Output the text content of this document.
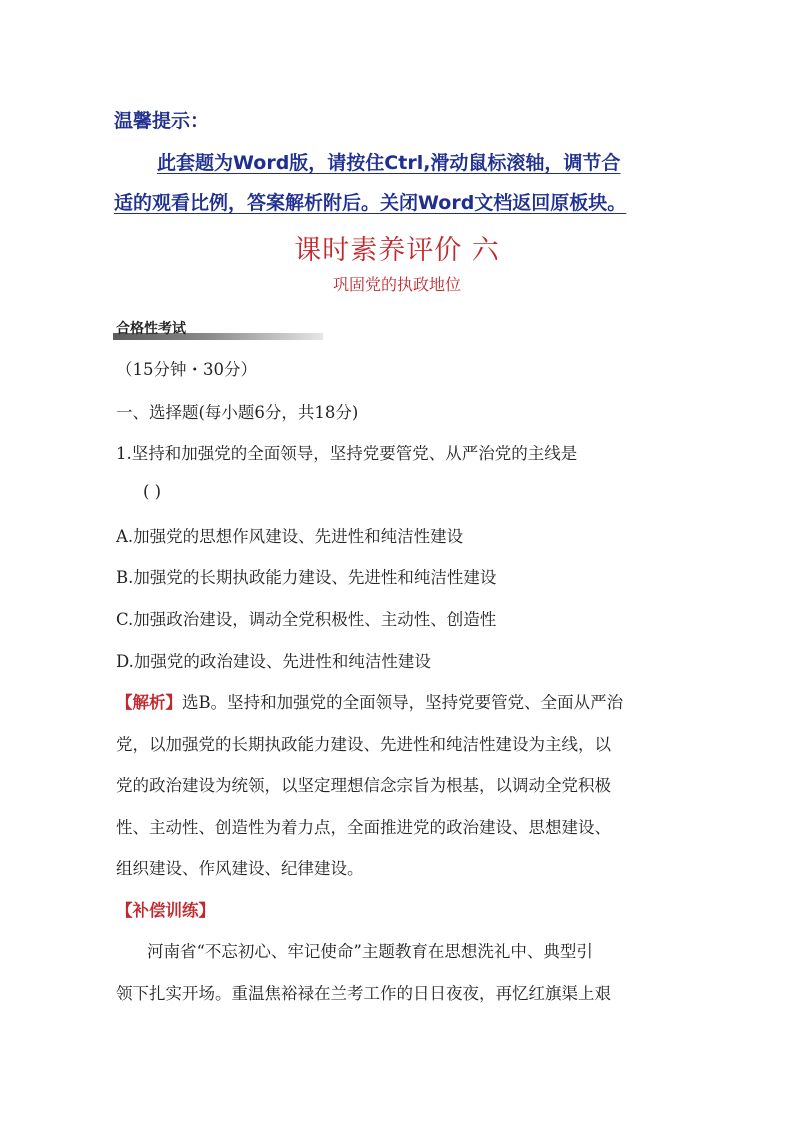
温馨提示：
此套题为Word版，请按住Ctrl,滑动鼠标滚轴，调节合
适的观看比例，答案解析附后。关闭Word文档返回原板块。
课时素养评价 六
巩固党的执政地位
合格性考试
（15分钟・30分）
一、选择题(每小题6分，共18分)
1.坚持和加强党的全面领导，坚持党要管党、从严治党的主线是
( )
A.加强党的思想作风建设、先进性和纯洁性建设
B.加强党的长期执政能力建设、先进性和纯洁性建设
C.加强政治建设，调动全党积极性、主动性、创造性
D.加强党的政治建设、先进性和纯洁性建设
【解析】选B。坚持和加强党的全面领导，坚持党要管党、全面从严治
党，以加强党的长期执政能力建设、先进性和纯洁性建设为主线，以
党的政治建设为统领，以坚定理想信念宗旨为根基，以调动全党积极
性、主动性、创造性为着力点，全面推进党的政治建设、思想建设、
组织建设、作风建设、纪律建设。
【补偿训练】
河南省“不忘初心、牢记使命”主题教育在思想洗礼中、典型引
领下扎实开场。重温焦裕禄在兰考工作的日日夜夜，再忆红旗渠上艰
